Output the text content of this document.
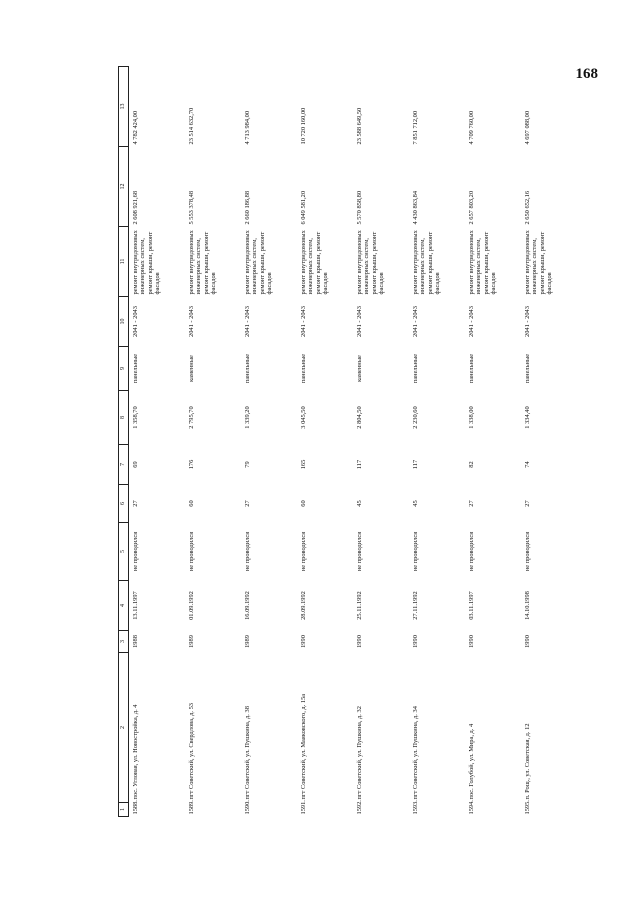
168

1	2	3	4	5	6	7	8	9	10	11	12	13
1588.	пос. Угловая, ул. Новостройка, д. 4	1988	13.11.1997	не проводился	27	69	1 358,70	панельные	2041 - 2043	ремонт внутридомовых инженерных систем, ремонт крыши, ремонт фасадов	2 608 921,68	4 782 424,00
1589.	пгт Советский, ул. Свердлова, д. 53	1989	01.09.1992	не проводился	60	176	2 795,70	каменные	2041 - 2043	ремонт внутридомовых инженерных систем, ремонт крыши, ремонт фасадов	5 553 378,48	23 514 632,70
1590.	пгт Советский, ул. Пушкина, д. 38	1989	16.09.1992	не проводился	27	79	1 339,20	панельные	2041 - 2043	ремонт внутридомовых инженерных систем, ремонт крыши, ремонт фасадов	2 660 186,88	4 713 984,00
1591.	пгт Советский, ул. Маяковского, д. 15а	1990	28.09.1992	не проводился	60	165	3 045,50	панельные	2041 - 2043	ремонт внутридомовых инженерных систем, ремонт крыши, ремонт фасадов	6 049 581,20	10 720 160,00
1592.	пгт Советский, ул. Пушкина, д. 32	1990	25.11.1992	не проводился	45	117	2 804,50	каменные	2041 - 2043	ремонт внутридомовых инженерных систем, ремонт крыши, ремонт фасадов	5 570 858,80	23 588 649,50
1593.	пгт Советский, ул. Пушкина, д. 34	1990	27.11.1992	не проводился	45	117	2 230,60	панельные	2041 - 2043	ремонт внутридомовых инженерных систем, ремонт крыши, ремонт фасадов	4 430 863,84	7 851 712,00
1594.	пос. Голубой, ул. Мира, д. 4	1990	03.11.1997	не проводился	27	82	1 338,00	панельные	2041 - 2043	ремонт внутридомовых инженерных систем, ремонт крыши, ремонт фасадов	2 657 803,20	4 709 760,00
1595.	п. Рощ., ул. Советская, д. 12	1990	14.10.1998	не проводился	27	74	1 334,40	панельные	2041 - 2043	ремонт внутридомовых инженерных систем, ремонт крыши, ремонт фасадов	2 650 652,16	4 697 088,00
